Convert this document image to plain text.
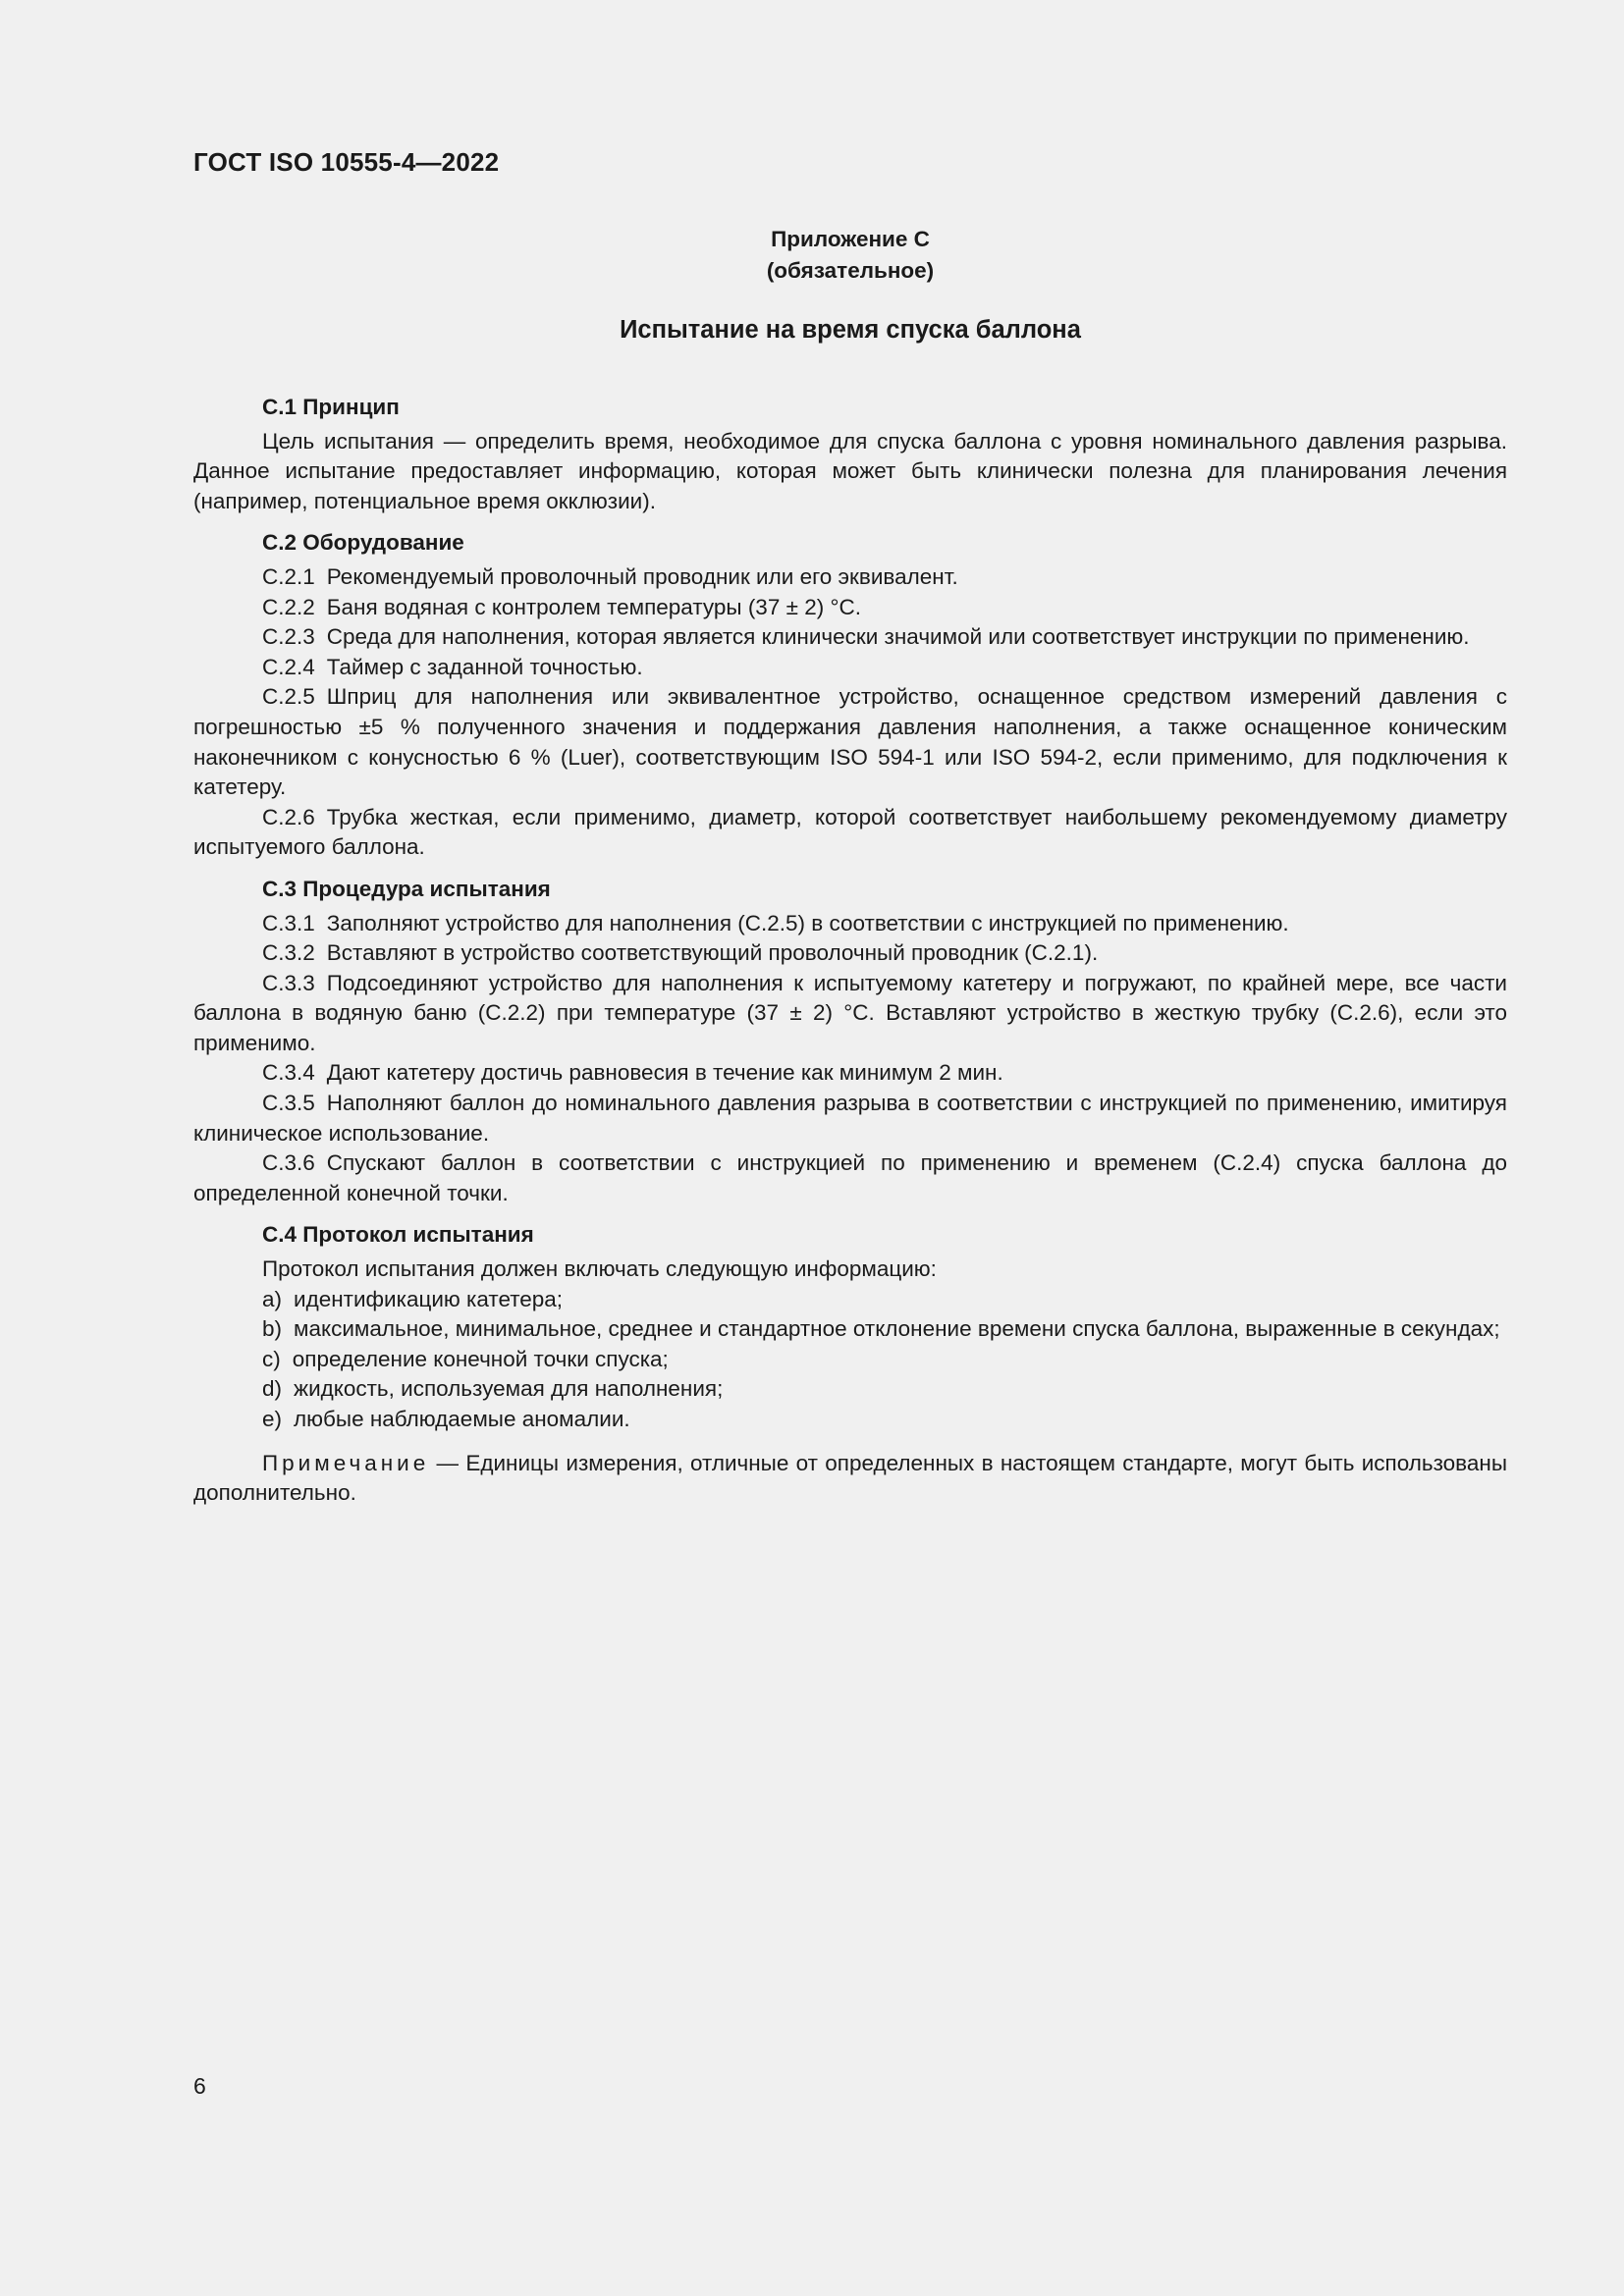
ГОСТ ISO 10555-4—2022
Приложение C
(обязательное)
Испытание на время спуска баллона

C.1 Принцип

Цель испытания — определить время, необходимое для спуска баллона с уровня номинального давления разрыва. Данное испытание предоставляет информацию, которая может быть клинически полезна для планирования лечения (например, потенциальное время окклюзии).

C.2 Оборудование

C.2.1 Рекомендуемый проволочный проводник или его эквивалент.

C.2.2 Баня водяная с контролем температуры (37 ± 2) °C.

C.2.3 Среда для наполнения, которая является клинически значимой или соответствует инструкции по применению.

C.2.4 Таймер с заданной точностью.

C.2.5 Шприц для наполнения или эквивалентное устройство, оснащенное средством измерений давления с погрешностью ±5 % полученного значения и поддержания давления наполнения, а также оснащенное коническим наконечником с конусностью 6 % (Luer), соответствующим ISO 594-1 или ISO 594-2, если применимо, для подключения к катетеру.

C.2.6 Трубка жесткая, если применимо, диаметр, которой соответствует наибольшему рекомендуемому диаметру испытуемого баллона.

C.3 Процедура испытания

C.3.1 Заполняют устройство для наполнения (C.2.5) в соответствии с инструкцией по применению.

C.3.2 Вставляют в устройство соответствующий проволочный проводник (C.2.1).

C.3.3 Подсоединяют устройство для наполнения к испытуемому катетеру и погружают, по крайней мере, все части баллона в водяную баню (C.2.2) при температуре (37 ± 2) °C. Вставляют устройство в жесткую трубку (C.2.6), если это применимо.

C.3.4 Дают катетеру достичь равновесия в течение как минимум 2 мин.

C.3.5 Наполняют баллон до номинального давления разрыва в соответствии с инструкцией по применению, имитируя клиническое использование.

C.3.6 Спускают баллон в соответствии с инструкцией по применению и временем (C.2.4) спуска баллона до определенной конечной точки.

C.4 Протокол испытания

Протокол испытания должен включать следующую информацию:

a) идентификацию катетера;

b) максимальное, минимальное, среднее и стандартное отклонение времени спуска баллона, выраженные в секундах;

c) определение конечной точки спуска;

d) жидкость, используемая для наполнения;

e) любые наблюдаемые аномалии.

Примечание — Единицы измерения, отличные от определенных в настоящем стандарте, могут быть использованы дополнительно.

6
